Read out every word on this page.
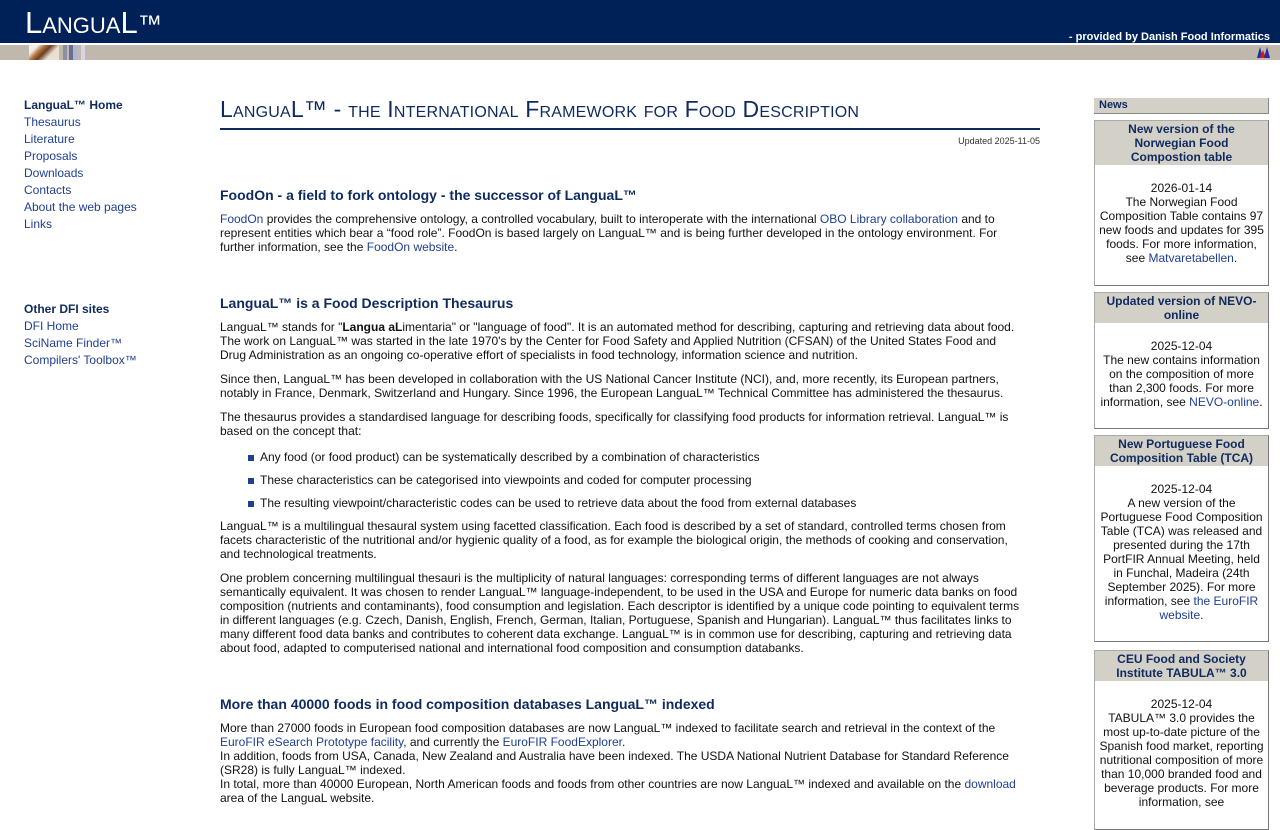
LanguaL™	- provided by Danish Food Informatics
LanguaL™ Home
Thesaurus
Literature
Proposals
Downloads
Contacts
About the web pages
Links
Other DFI sites
DFI Home
SciName Finder™
Compilers' Toolbox™
LanguaL™ - the International Framework for Food Description
Updated 2025-11-05
FoodOn - a field to fork ontology - the successor of LanguaL™

FoodOn provides the comprehensive ontology, a controlled vocabulary, built to interoperate with the international OBO Library collaboration and to represent entities which bear a “food role”. FoodOn is based largely on LanguaL™ and is being further developed in the ontology environment. For further information, see the FoodOn website.

LanguaL™ is a Food Description Thesaurus

LanguaL™ stands for "Langua aLimentaria" or "language of food". It is an automated method for describing, capturing and retrieving data about food. The work on LanguaL™ was started in the late 1970's by the Center for Food Safety and Applied Nutrition (CFSAN) of the United States Food and Drug Administration as an ongoing co-operative effort of specialists in food technology, information science and nutrition.

Since then, LanguaL™ has been developed in collaboration with the US National Cancer Institute (NCI), and, more recently, its European partners, notably in France, Denmark, Switzerland and Hungary. Since 1996, the European LanguaL™ Technical Committee has administered the thesaurus.

The thesaurus provides a standardised language for describing foods, specifically for classifying food products for information retrieval. LanguaL™ is based on the concept that:

Any food (or food product) can be systematically described by a combination of characteristics
These characteristics can be categorised into viewpoints and coded for computer processing
The resulting viewpoint/characteristic codes can be used to retrieve data about the food from external databases

LanguaL™ is a multilingual thesaural system using facetted classification. Each food is described by a set of standard, controlled terms chosen from facets characteristic of the nutritional and/or hygienic quality of a food, as for example the biological origin, the methods of cooking and conservation, and technological treatments.

One problem concerning multilingual thesauri is the multiplicity of natural languages: corresponding terms of different languages are not always semantically equivalent. It was chosen to render LanguaL™ language-independent, to be used in the USA and Europe for numeric data banks on food composition (nutrients and contaminants), food consumption and legislation. Each descriptor is identified by a unique code pointing to equivalent terms in different languages (e.g. Czech, Danish, English, French, German, Italian, Portuguese, Spanish and Hungarian). LanguaL™ thus facilitates links to many different food data banks and contributes to coherent data exchange. LanguaL™ is in common use for describing, capturing and retrieving data about food, adapted to computerised national and international food composition and consumption databanks.

More than 40000 foods in food composition databases LanguaL™ indexed

More than 27000 foods in European food composition databases are now LanguaL™ indexed to facilitate search and retrieval in the context of the EuroFIR eSearch Prototype facility, and currently the EuroFIR FoodExplorer.
In addition, foods from USA, Canada, New Zealand and Australia have been indexed. The USDA National Nutrient Database for Standard Reference (SR28) is fully LanguaL™ indexed.
In total, more than 40000 European, North American foods and foods from other countries are now LanguaL™ indexed and available on the download area of the LanguaL website.

News
New version of the Norwegian Food Compostion table
2026-01-14
The Norwegian Food Composition Table contains 97 new foods and updates for 395 foods. For more information, see Matvaretabellen.
Updated version of NEVO-online
2025-12-04
The new contains information on the composition of more than 2,300 foods. For more information, see NEVO-online.
New Portuguese Food Composition Table (TCA)
2025-12-04
A new version of the Portuguese Food Composition Table (TCA) was released and presented during the 17th PortFIR Annual Meeting, held in Funchal, Madeira (24th September 2025). For more information, see the EuroFIR website.
CEU Food and Society Institute TABULA™ 3.0
2025-12-04
TABULA™ 3.0 provides the most up-to-date picture of the Spanish food market, reporting nutritional composition of more than 10,000 branded food and beverage products. For more information, see
